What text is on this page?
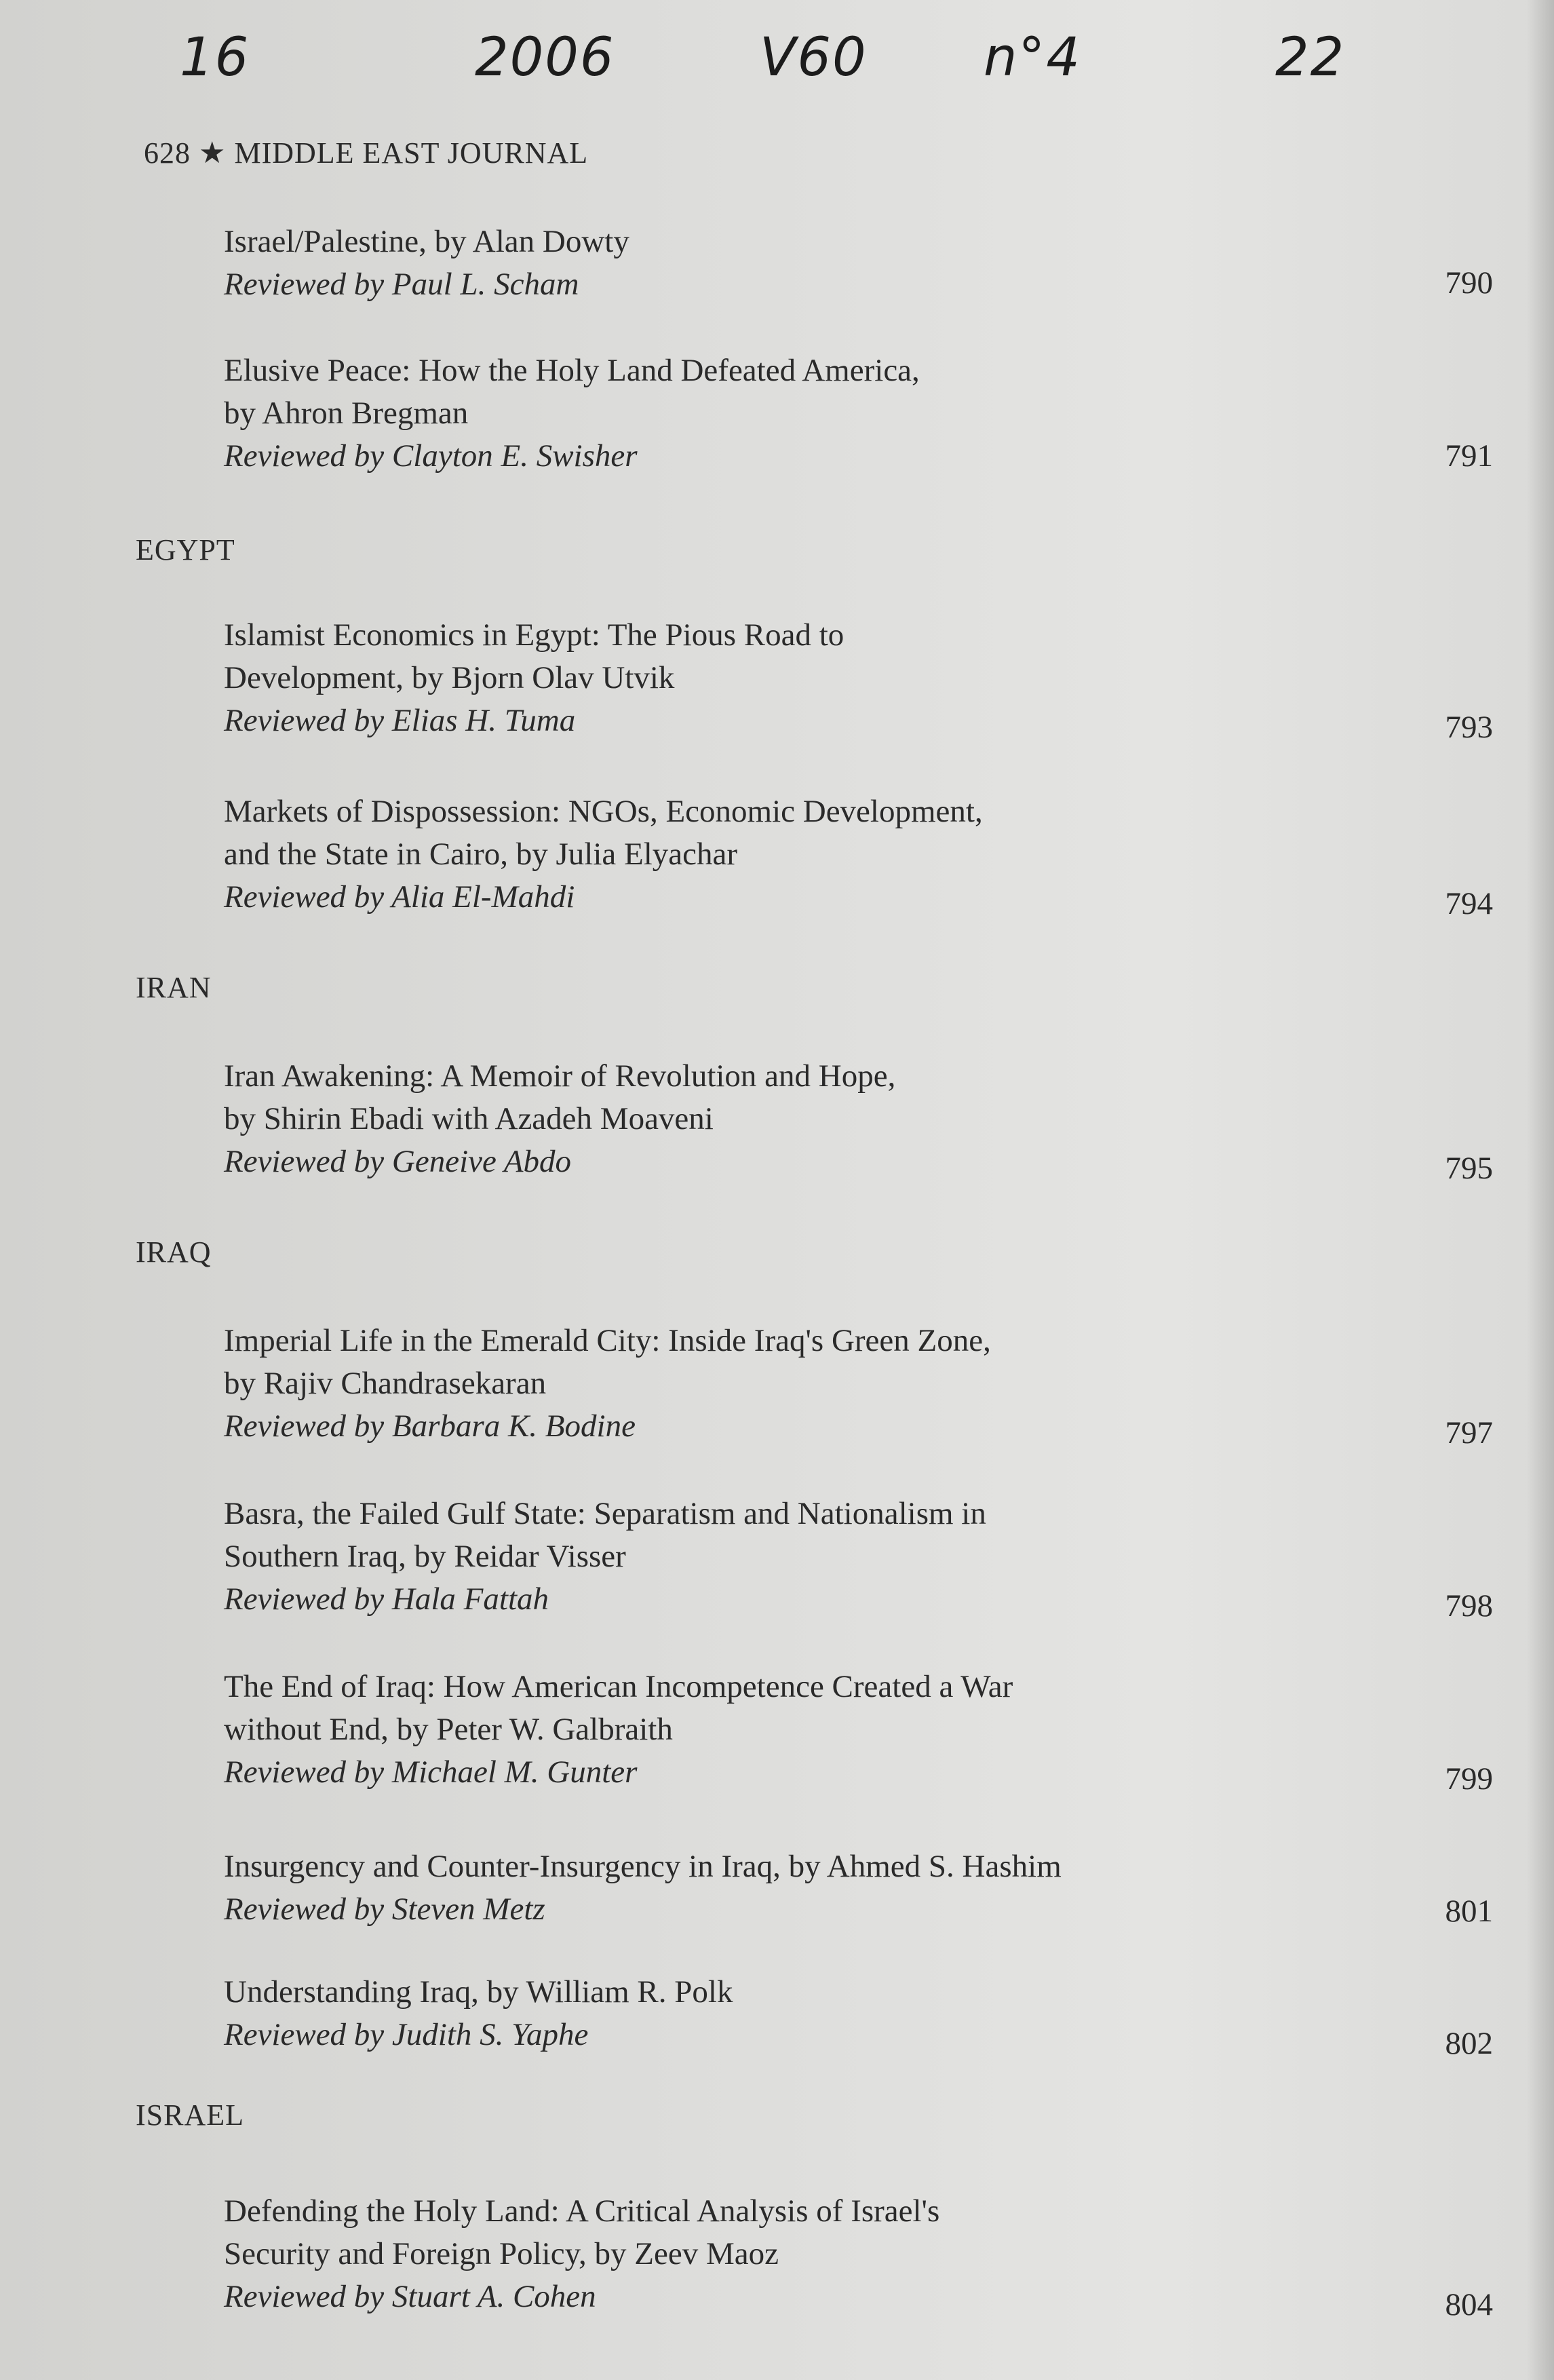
16	2006	V60 n°4	22
628 ★ MIDDLE EAST JOURNAL
Israel/Palestine, by Alan Dowty
Reviewed by Paul L. Scham	790
Elusive Peace: How the Holy Land Defeated America,
by Ahron Bregman
Reviewed by Clayton E. Swisher	791
EGYPT
Islamist Economics in Egypt: The Pious Road to
Development, by Bjorn Olav Utvik
Reviewed by Elias H. Tuma	793
Markets of Dispossession: NGOs, Economic Development,
and the State in Cairo, by Julia Elyachar
Reviewed by Alia El-Mahdi	794
IRAN
Iran Awakening: A Memoir of Revolution and Hope,
by Shirin Ebadi with Azadeh Moaveni
Reviewed by Geneive Abdo	795
IRAQ
Imperial Life in the Emerald City: Inside Iraq's Green Zone,
by Rajiv Chandrasekaran
Reviewed by Barbara K. Bodine	797
Basra, the Failed Gulf State: Separatism and Nationalism in
Southern Iraq, by Reidar Visser
Reviewed by Hala Fattah	798
The End of Iraq: How American Incompetence Created a War
without End, by Peter W. Galbraith
Reviewed by Michael M. Gunter	799
Insurgency and Counter-Insurgency in Iraq, by Ahmed S. Hashim
Reviewed by Steven Metz	801
Understanding Iraq, by William R. Polk
Reviewed by Judith S. Yaphe	802
ISRAEL
Defending the Holy Land: A Critical Analysis of Israel's
Security and Foreign Policy, by Zeev Maoz
Reviewed by Stuart A. Cohen	804
